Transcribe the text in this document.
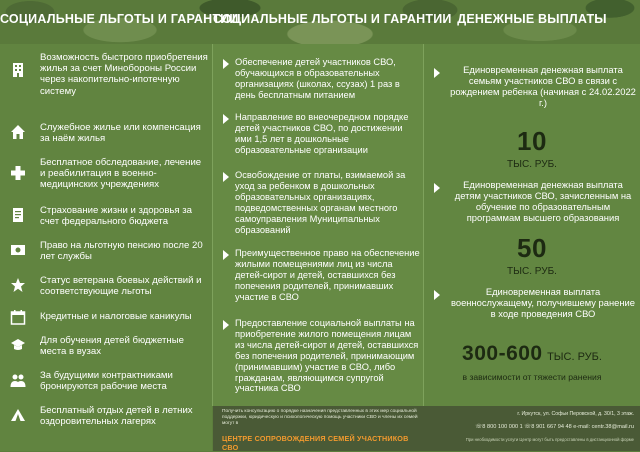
СОЦИАЛЬНЫЕ ЛЬГОТЫ И ГАРАНТИИ
СОЦИАЛЬНЫЕ ЛЬГОТЫ И ГАРАНТИИ ДЕНЕЖНЫЕ ВЫПЛАТЫ
Возможность быстрого приобретения жилья за счет Минобороны России через накопительно-ипотечную систему
Служебное жилье или компенсация за наём жилья
Бесплатное обследование, лечение и реабилитация в военно-медицинских учреждениях
Страхование жизни и здоровья за счет федерального бюджета
Право на льготную пенсию после 20 лет службы
Статус ветерана боевых действий и соответствующие льготы
Кредитные и налоговые каникулы
Для обучения детей бюджетные места в вузах
За будущими контрактниками бронируются рабочие места
Бесплатный отдых детей в летних оздоровительных лагерях
Обеспечение детей участников СВО, обучающихся в образовательных организациях (школах, ссузах) 1 раз в день бесплатным питанием
Направление во внеочередном порядке детей участников СВО, по достижении ими 1,5 лет в дошкольные образовательные организации
Освобождение от платы, взимаемой за уход за ребенком в дошкольных образовательных организациях, подведомственных органам местного самоуправления Муниципальных образований
Преимущественное право на обеспечение жилыми помещениями лиц из числа детей-сирот и детей, оставшихся без попечения родителей, принимавших участие в СВО
Предоставление социальной выплаты на приобретение жилого помещения лицам из числа детей-сирот и детей, оставшихся без попечения родителей, принимающим (принимавшим) участие в СВО, либо гражданам, являющимся супругой участника СВО
Единовременная денежная выплата семьям участников СВО в связи с рождением ребенка (начиная с 24.02.2022 г.)
10
ТЫС. РУБ.
Единовременная денежная выплата детям участников СВО, зачисленным на обучение по образовательным программам высшего образования
50
ТЫС. РУБ.
Единовременная выплата военнослужащему, получившему ранение в ходе проведения СВО
300-600 ТЫС. РУБ.
в зависимости от тяжести ранения
Получить консультацию о порядке назначения представленных в этих мер социальной поддержки, юридическую и психологическую помощь участники СВО и члены их семей могут в
ЦЕНТРЕ СОПРОВОЖДЕНИЯ СЕМЕЙ УЧАСТНИКОВ СВО
г. Иркутск, ул. Софьи Перовской, д. 30/1, 3 этаж.
☏8 800 100 000 1 ☏8 901 667 94 48 e-mail: centr.38@mail.ru
При необходимости услуги Центр могут быть предоставлены в дистанционной форме
